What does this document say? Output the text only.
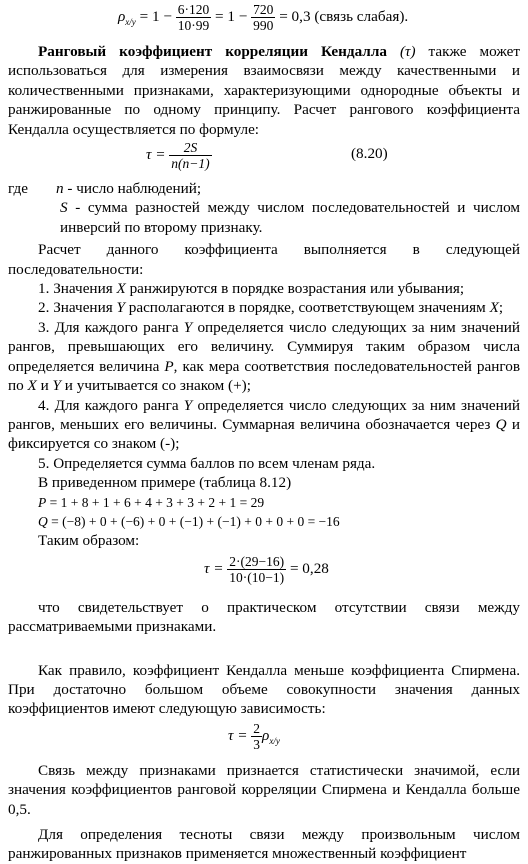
$\rho_{x/y} = 1 - \frac{6\cdot 120}{10\cdot 99} = 1 - \frac{720}{990} = 0,3$ (связь слабая).

Ранговый коэффициент корреляции Кендалла (τ) также может использоваться для измерения взаимосвязи между качественными и количественными признаками, характеризующими однородные объекты и ранжированные по одному принципу. Расчет рангового коэффициента Кендалла осуществляется по формуле:

$\tau = \frac{2S}{n(n-1)}$	(8.20)

где n - число наблюдений;

S - сумма разностей между числом последовательностей и числом инверсий по второму признаку.

Расчет данного коэффициента выполняется в следующей последовательности:

1. Значения X ранжируются в порядке возрастания или убывания;

2. Значения Y располагаются в порядке, соответствующем значениям X;

3. Для каждого ранга Y определяется число следующих за ним значений рангов, превышающих его величину. Суммируя таким образом числа определяется величина P, как мера соответствия последовательностей рангов по X и Y и учитывается со знаком (+);

4. Для каждого ранга Y определяется число следующих за ним значений рангов, меньших его величины. Суммарная величина обозначается через Q и фиксируется со знаком (-);

5. Определяется сумма баллов по всем членам ряда.

В приведенном примере (таблица 8.12)

P = 1 + 8 + 1 + 6 + 4 + 3 + 3 + 2 + 1 = 29

Q = (−8) + 0 + (−6) + 0 + (−1) + (−1) + 0 + 0 + 0 = −16

Таким образом:

$\tau = \frac{2\cdot(29-16)}{10\cdot(10-1)} = 0,28$

что свидетельствует о практическом отсутствии связи между рассматриваемыми признаками.

Как правило, коэффициент Кендалла меньше коэффициента Спирмена. При достаточно большом объеме совокупности значения данных коэффициентов имеют следующую зависимость:

$\tau = \frac{2}{3} \rho_{x/y}$

Связь между признаками признается статистически значимой, если значения коэффициентов ранговой корреляции Спирмена и Кендалла больше 0,5.

Для определения тесноты связи между произвольным числом ранжированных признаков применяется множественный коэффициент
